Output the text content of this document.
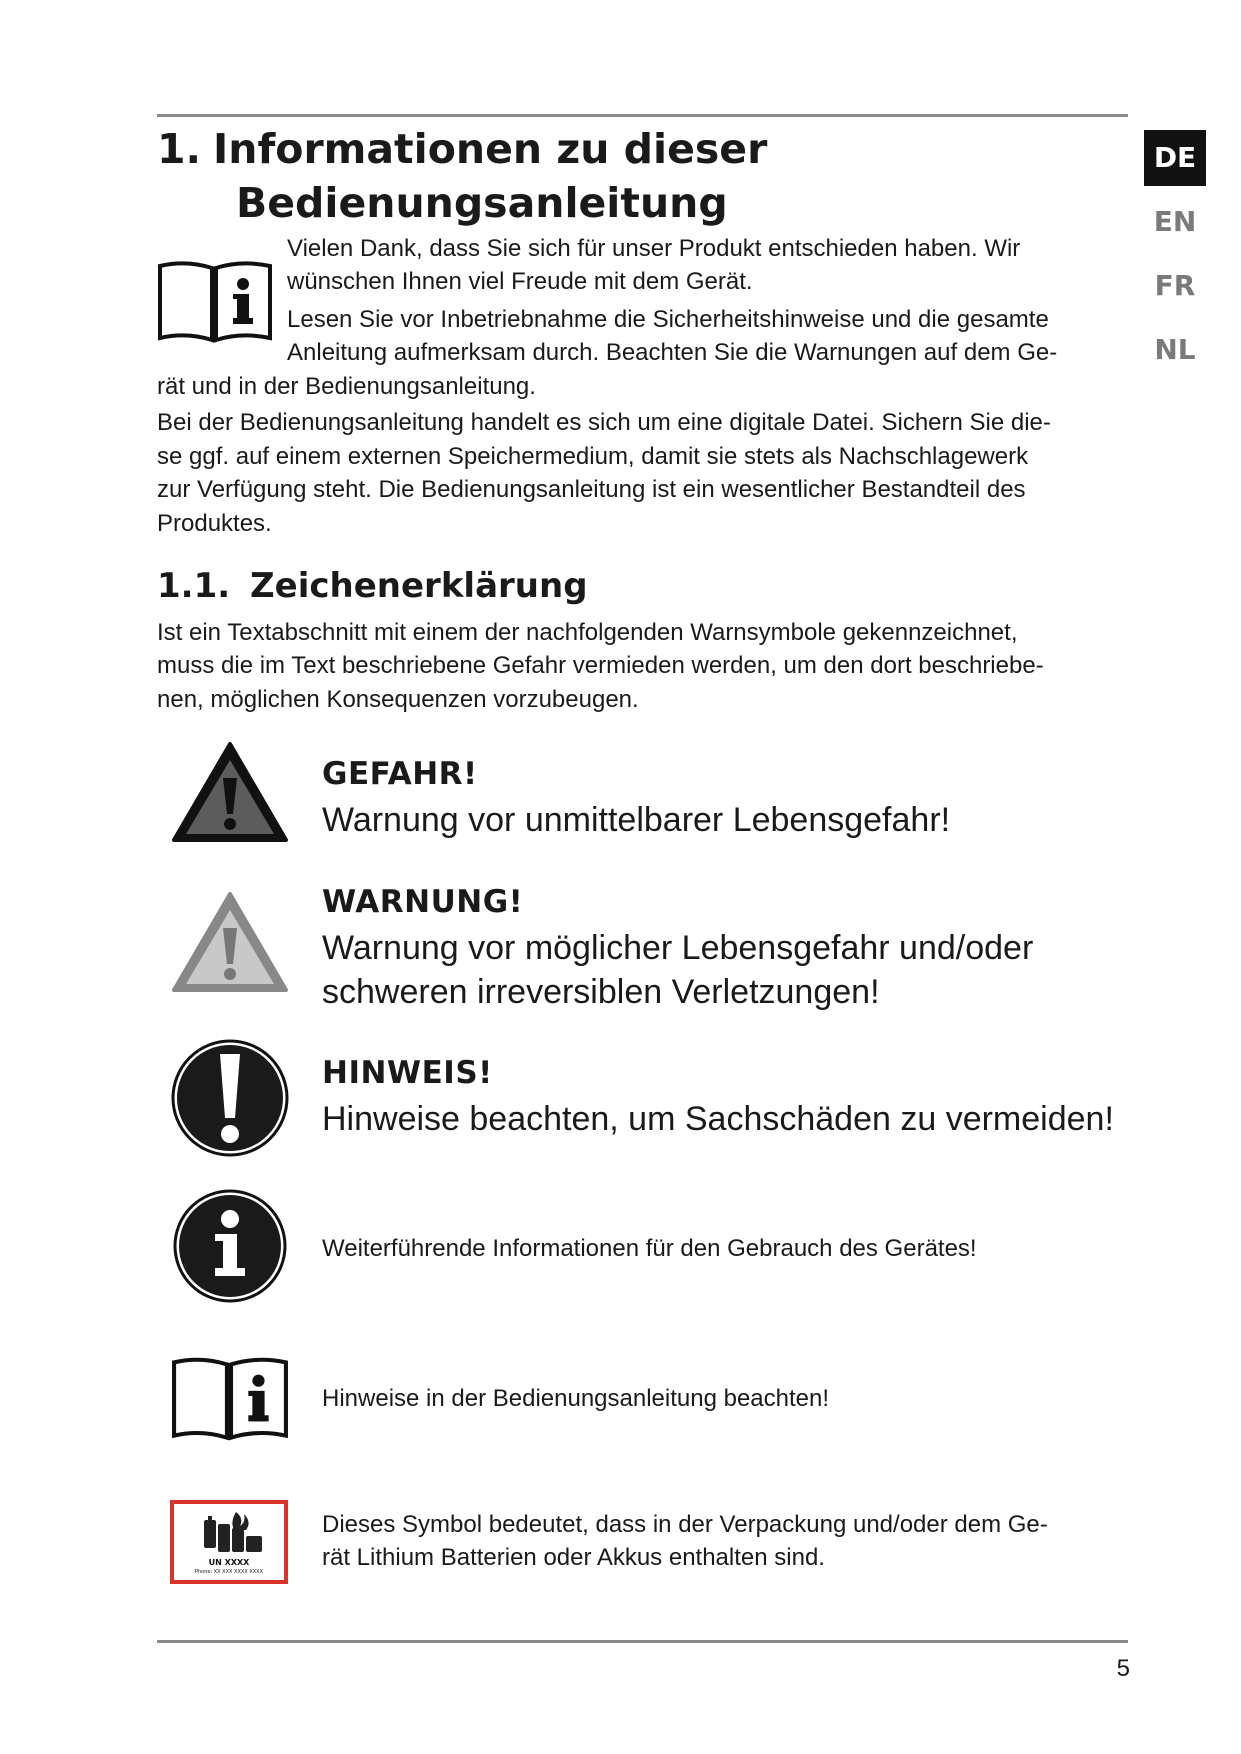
DE
EN
FR
NL
1. Informationen zu dieser
Bedienungsanleitung

Vielen Dank, dass Sie sich für unser Produkt entschieden haben. Wir

wünschen Ihnen viel Freude mit dem Gerät.

Lesen Sie vor Inbetriebnahme die Sicherheitshinweise und die gesamte

Anleitung aufmerksam durch. Beachten Sie die Warnungen auf dem Ge-

rät und in der Bedienungsanleitung.

Bei der Bedienungsanleitung handelt es sich um eine digitale Datei. Sichern Sie die-

se ggf. auf einem externen Speichermedium, damit sie stets als Nachschlagewerk

zur Verfügung steht. Die Bedienungsanleitung ist ein wesentlicher Bestandteil des

Produktes.

1.1. Zeichenerklärung

Ist ein Textabschnitt mit einem der nachfolgenden Warnsymbole gekennzeichnet,

muss die im Text beschriebene Gefahr vermieden werden, um den dort beschriebe-

nen, möglichen Konsequenzen vorzubeugen.

GEFAHR!
Warnung vor unmittelbarer Lebensgefahr!
WARNUNG!
Warnung vor möglicher Lebensgefahr und/oder
schweren irreversiblen Verletzungen!
HINWEIS!
Hinweise beachten, um Sachschäden zu vermeiden!
Weiterführende Informationen für den Gebrauch des Gerätes!
Hinweise in der Bedienungsanleitung beachten!
UN XXXX
Phone: XX XXX XXXX XXXX
Dieses Symbol bedeutet, dass in der Verpackung und/oder dem Ge-
rät Lithium Batterien oder Akkus enthalten sind.
5
